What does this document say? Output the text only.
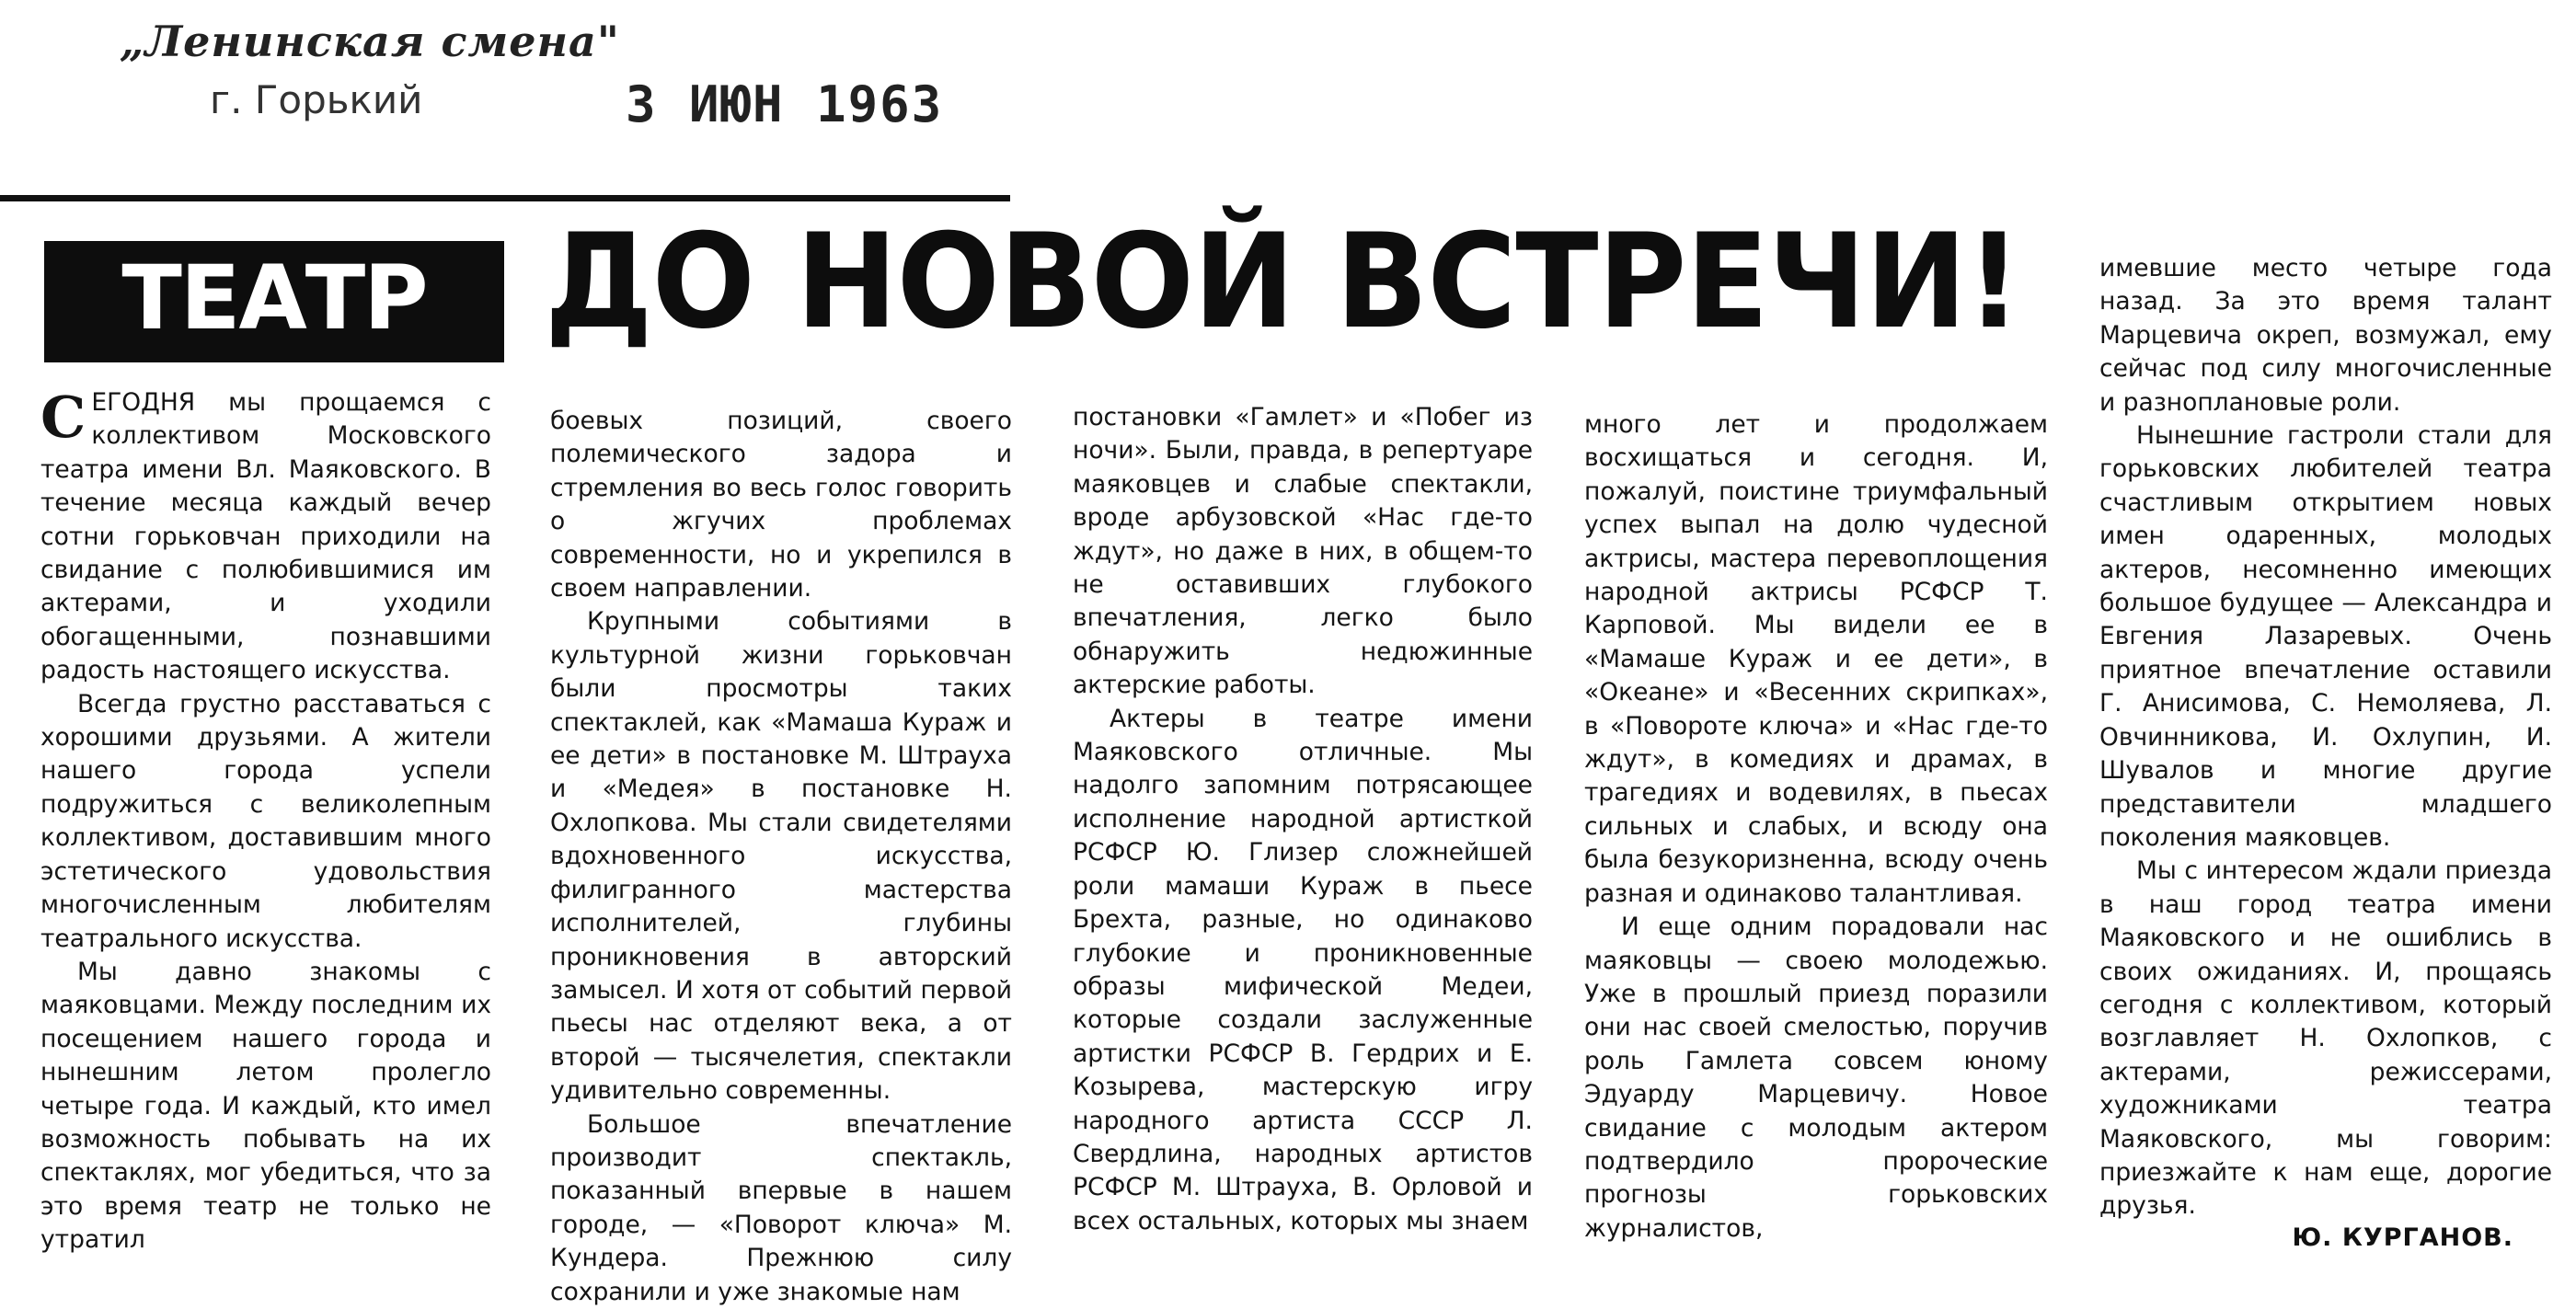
„Ленинская смена"
г. Горький	3 ИЮН 1963
ТЕАТР ДО НОВОЙ ВСТРЕЧИ!

СЕГОДНЯ мы прощаемся с коллективом Московского театра имени Вл. Маяковского. В течение месяца каждый вечер сотни горьковчан приходили на свидание с полюбившимися им актерами, и уходили обогащенными, познавшими радость настоящего искусства.

Всегда грустно расставаться с хорошими друзьями. А жители нашего города успели подружиться с великолепным коллективом, доставившим много эстетического удовольствия многочисленным любителям театрального искусства.

Мы давно знакомы с маяковцами. Между последним их посещением нашего города и нынешним летом пролегло четыре года. И каждый, кто имел возможность побывать на их спектаклях, мог убедиться, что за это время театр не только не утратил

боевых позиций, своего полемического задора и стремления во весь голос говорить о жгучих проблемах современности, но и укрепился в своем направлении.

Крупными событиями в культурной жизни горьковчан были просмотры таких спектаклей, как «Мамаша Кураж и ее дети» в постановке М. Штрауха и «Медея» в постановке Н. Охлопкова. Мы стали свидетелями вдохновенного искусства, филигранного мастерства исполнителей, глубины проникновения в авторский замысел. И хотя от событий первой пьесы нас отделяют века, а от второй — тысячелетия, спектакли удивительно современны.

Большое впечатление производит спектакль, показанный впервые в нашем городе, — «Поворот ключа» М. Кундера. Прежнюю силу сохранили и уже знакомые нам

постановки «Гамлет» и «Побег из ночи». Были, правда, в репертуаре маяковцев и слабые спектакли, вроде арбузовской «Нас где-то ждут», но даже в них, в общем-то не оставивших глубокого впечатления, легко было обнаружить недюжинные актерские работы.

Актеры в театре имени Маяковского отличные. Мы надолго запомним потрясающее исполнение народной артисткой РСФСР Ю. Глизер сложнейшей роли мамаши Кураж в пьесе Брехта, разные, но одинаково глубокие и проникновенные образы мифической Медеи, которые создали заслуженные артистки РСФСР В. Гердрих и Е. Козырева, мастерскую игру народного артиста СССР Л. Свердлина, народных артистов РСФСР М. Штрауха, В. Орловой и всех остальных, которых мы знаем

много лет и продолжаем восхищаться и сегодня. И, пожалуй, поистине триумфальный успех выпал на долю чудесной актрисы, мастера перевоплощения народной актрисы РСФСР Т. Карповой. Мы видели ее в «Мамаше Кураж и ее дети», в «Океане» и «Весенних скрипках», в «Повороте ключа» и «Нас где-то ждут», в комедиях и драмах, в трагедиях и водевилях, в пьесах сильных и слабых, и всюду она была безукоризненна, всюду очень разная и одинаково талантливая.

И еще одним порадовали нас маяковцы — своею молодежью. Уже в прошлый приезд поразили они нас своей смелостью, поручив роль Гамлета совсем юному Эдуарду Марцевичу. Новое свидание с молодым актером подтвердило пророческие прогнозы горьковских журналистов,

имевшие место четыре года назад. За это время талант Марцевича окреп, возмужал, ему сейчас под силу многочисленные и разноплановые роли.

Нынешние гастроли стали для горьковских любителей театра счастливым открытием новых имен одаренных, молодых актеров, несомненно имеющих большое будущее — Александра и Евгения Лазаревых. Очень приятное впечатление оставили Г. Анисимова, С. Немоляева, Л. Овчинникова, И. Охлупин, И. Шувалов и многие другие представители младшего поколения маяковцев.

Мы с интересом ждали приезда в наш город театра имени Маяковского и не ошиблись в своих ожиданиях. И, прощаясь сегодня с коллективом, который возглавляет Н. Охлопков, с актерами, режиссерами, художниками театра Маяковского, мы говорим: приезжайте к нам еще, дорогие друзья.

Ю. КУРГАНОВ.
